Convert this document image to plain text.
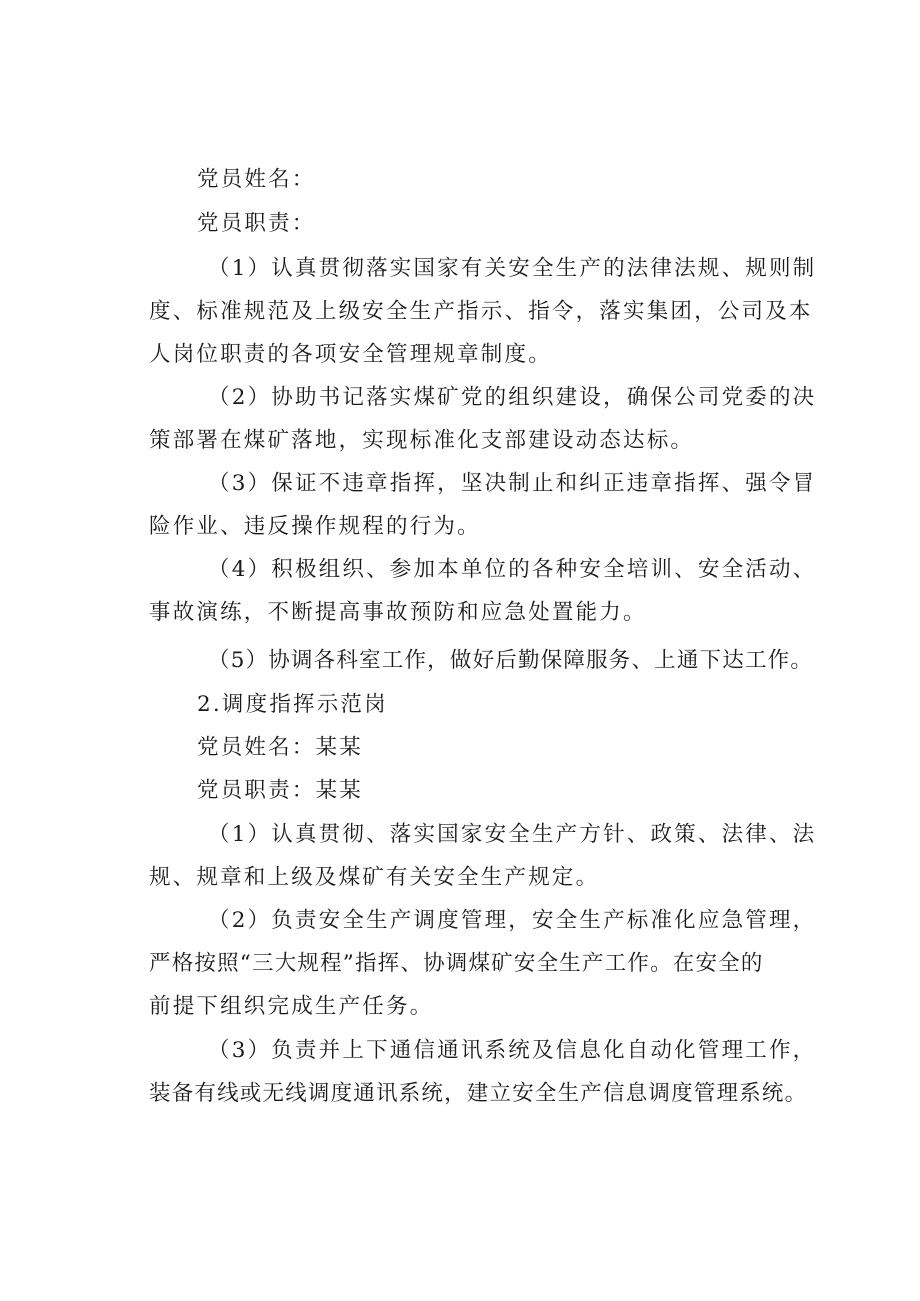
党员姓名：
党员职责：
（1）认真贯彻落实国家有关安全生产的法律法规、规则制
度、标准规范及上级安全生产指示、指令，落实集团，公司及本
人岗位职责的各项安全管理规章制度。
（2）协助书记落实煤矿党的组织建设，确保公司党委的决
策部署在煤矿落地，实现标准化支部建设动态达标。
（3）保证不违章指挥，坚决制止和纠正违章指挥、强令冒
险作业、违反操作规程的行为。
（4）积极组织、参加本单位的各种安全培训、安全活动、
事故演练，不断提高事故预防和应急处置能力。
（5）协调各科室工作，做好后勤保障服务、上通下达工作。
2.调度指挥示范岗
党员姓名：某某
党员职责：某某
（1）认真贯彻、落实国家安全生产方针、政策、法律、法
规、规章和上级及煤矿有关安全生产规定。
（2）负责安全生产调度管理，安全生产标准化应急管理，
严格按照“三大规程”指挥、协调煤矿安全生产工作。在安全的
前提下组织完成生产任务。
（3）负责并上下通信通讯系统及信息化自动化管理工作，
装备有线或无线调度通讯系统，建立安全生产信息调度管理系统。
